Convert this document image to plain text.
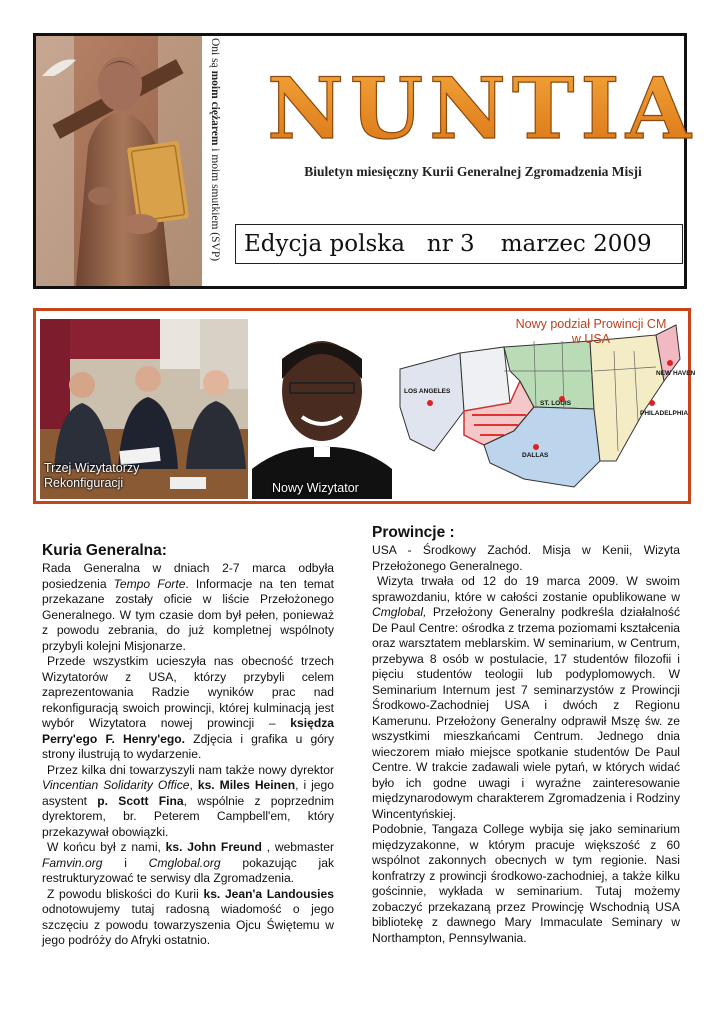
Oni są moim ciężarem i moim smutkiem (SVP)
NUNTIA
Biuletyn miesięczny Kurii Generalnej Zgromadzenia Misji
Edycja polska nr 3 marzec 2009
Trzej Wizytatorzy
Rekonfiguracji	Nowy Wizytator
LOS ANGELES
ST. LOUIS
DALLAS
NEW HAVEN
PHILADELPHIA
Nowy podział Prowincji CM
w USA
Kuria Generalna:

Rada Generalna w dniach 2-7 marca odbyła posiedzenia Tempo Forte. Informacje na ten temat przekazane zostały oficie w liście Przełożonego Generalnego. W tym czasie dom był pełen, ponieważ z powodu zebrania, do już kompletnej wspólnoty przybyli kolejni Misjonarze.

Przede wszystkim ucieszyła nas obecność trzech Wizytatorów z USA, którzy przybyli celem zaprezentowania Radzie wyników prac nad rekonfiguracją swoich prowincji, której kulminacją jest wybór Wizytatora nowej prowincji – księdza Perry'ego F. Henry'ego. Zdjęcia i grafika u góry strony ilustrują to wydarzenie.

Przez kilka dni towarzyszyli nam także nowy dyrektor Vincentian Solidarity Office, ks. Miles Heinen, i jego asystent p. Scott Fina, wspólnie z poprzednim dyrektorem, br. Peterem Campbell'em, który przekazywał obowiązki.

W końcu był z nami, ks. John Freund , webmaster Famvin.org i Cmglobal.org pokazując jak restrukturyzować te serwisy dla Zgromadzenia.

Z powodu bliskości do Kurii ks. Jean'a Landousies odnotowujemy tutaj radosną wiadomość o jego szczęciu z powodu towarzyszenia Ojcu Świętemu w jego podróży do Afryki ostatnio.

Prowincje :

USA - Środkowy Zachód. Misja w Kenii, Wizyta Przełożonego Generalnego.

Wizyta trwała od 12 do 19 marca 2009. W swoim sprawozdaniu, które w całości zostanie opublikowane w Cmglobal, Przełożony Generalny podkreśla działalność De Paul Centre: ośrodka z trzema poziomami kształcenia oraz warsztatem meblarskim. W seminarium, w Centrum, przebywa 8 osób w postulacie, 17 studentów filozofii i pięciu studentów teologii lub podyplomowych. W Seminarium Internum jest 7 seminarzystów z Prowincji Środkowo-Zachodniej USA i dwóch z Regionu Kamerunu. Przełożony Generalny odprawił Mszę św. ze wszystkimi mieszkańcami Centrum. Jednego dnia wieczorem miało miejsce spotkanie studentów De Paul Centre. W trakcie zadawali wiele pytań, w których widać było ich godne uwagi i wyraźne zainteresowanie międzynarodowym charakterem Zgromadzenia i Rodziny Wincentyńskiej.

Podobnie, Tangaza College wybija się jako seminarium międzyzakonne, w którym pracuje większość z 60 wspólnot zakonnych obecnych w tym regionie. Nasi konfratrzy z prowincji środkowo-zachodniej, a także kilku gościnnie, wykłada w seminarium. Tutaj możemy zobaczyć przekazaną przez Prowincję Wschodnią USA bibliotekę z dawnego Mary Immaculate Seminary w Northampton, Pennsylwania.
